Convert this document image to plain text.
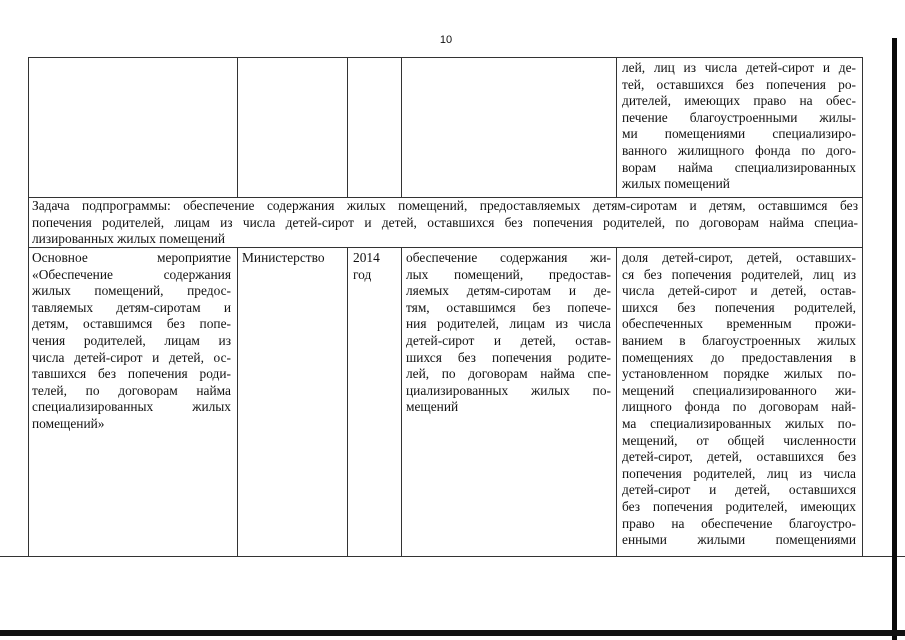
10
лей, лиц из числа детей-сирот и де-
тей, оставшихся без попечения ро-
дителей, имеющих право на обес-
печение благоустроенными жилы-
ми помещениями специализиро-
ванного жилищного фонда по дого-
ворам найма специализированных
жилых помещений
Задача подпрограммы: обеспечение содержания жилых помещений, предоставляемых детям-сиротам и детям, оставшимся без
попечения родителей, лицам из числа детей-сирот и детей, оставшихся без попечения родителей, по договорам найма специа-
лизированных жилых помещений
Основное мероприятие
«Обеспечение содержания
жилых помещений, предос-
тавляемых детям-сиротам и
детям, оставшимся без попе-
чения родителей, лицам из
числа детей-сирот и детей, ос-
тавшихся без попечения роди-
телей, по договорам найма
специализированных жилых
помещений»
Министерство	2014
год
обеспечение содержания жи-
лых помещений, предостав-
ляемых детям-сиротам и де-
тям, оставшимся без попече-
ния родителей, лицам из числа
детей-сирот и детей, остав-
шихся без попечения родите-
лей, по договорам найма спе-
циализированных жилых по-
мещений
доля детей-сирот, детей, оставших-
ся без попечения родителей, лиц из
числа детей-сирот и детей, остав-
шихся без попечения родителей,
обеспеченных временным прожи-
ванием в благоустроенных жилых
помещениях до предоставления в
установленном порядке жилых по-
мещений специализированного жи-
лищного фонда по договорам най-
ма специализированных жилых по-
мещений, от общей численности
детей-сирот, детей, оставшихся без
попечения родителей, лиц из числа
детей-сирот и детей, оставшихся
без попечения родителей, имеющих
право на обеспечение благоустро-
енными жилыми помещениями
